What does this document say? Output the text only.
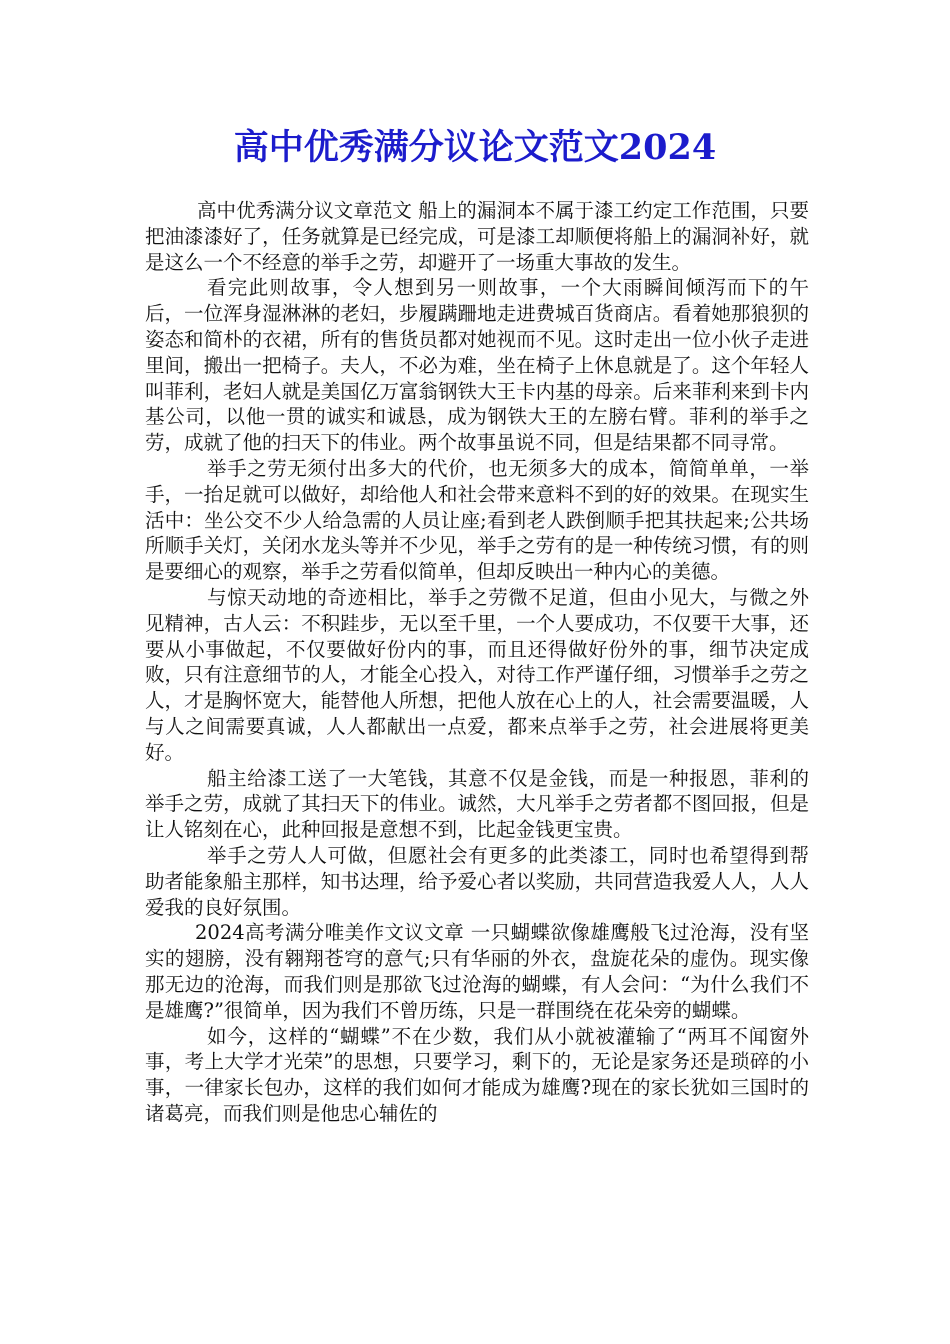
高中优秀满分议论文范文2024

高中优秀满分议文章范文 船上的漏洞本不属于漆工约定工作范围，只要把油漆漆好了，任务就算是已经完成，可是漆工却顺便将船上的漏洞补好，就是这么一个不经意的举手之劳，却避开了一场重大事故的发生。

看完此则故事，令人想到另一则故事，一个大雨瞬间倾泻而下的午后，一位浑身湿淋淋的老妇，步履蹒跚地走进费城百货商店。看着她那狼狈的姿态和简朴的衣裙，所有的售货员都对她视而不见。这时走出一位小伙子走进里间，搬出一把椅子。夫人，不必为难，坐在椅子上休息就是了。这个年轻人叫菲利，老妇人就是美国亿万富翁钢铁大王卡内基的母亲。后来菲利来到卡内基公司，以他一贯的诚实和诚恳，成为钢铁大王的左膀右臂。菲利的举手之劳，成就了他的扫天下的伟业。两个故事虽说不同，但是结果都不同寻常。

举手之劳无须付出多大的代价，也无须多大的成本，简简单单，一举手，一抬足就可以做好，却给他人和社会带来意料不到的好的效果。在现实生活中：坐公交不少人给急需的人员让座;看到老人跌倒顺手把其扶起来;公共场所顺手关灯，关闭水龙头等并不少见，举手之劳有的是一种传统习惯，有的则是要细心的观察，举手之劳看似简单，但却反映出一种内心的美德。

与惊天动地的奇迹相比，举手之劳微不足道，但由小见大，与微之外见精神，古人云：不积跬步，无以至千里，一个人要成功，不仅要干大事，还要从小事做起，不仅要做好份内的事，而且还得做好份外的事，细节决定成败，只有注意细节的人，才能全心投入，对待工作严谨仔细，习惯举手之劳之人，才是胸怀宽大，能替他人所想，把他人放在心上的人，社会需要温暖，人与人之间需要真诚，人人都献出一点爱，都来点举手之劳，社会进展将更美好。

船主给漆工送了一大笔钱，其意不仅是金钱，而是一种报恩，菲利的举手之劳，成就了其扫天下的伟业。诚然，大凡举手之劳者都不图回报，但是让人铭刻在心，此种回报是意想不到，比起金钱更宝贵。

举手之劳人人可做，但愿社会有更多的此类漆工，同时也希望得到帮助者能象船主那样，知书达理，给予爱心者以奖励，共同营造我爱人人，人人爱我的良好氛围。

2024高考满分唯美作文议文章 一只蝴蝶欲像雄鹰般飞过沧海，没有坚实的翅膀，没有翱翔苍穹的意气;只有华丽的外衣，盘旋花朵的虚伪。现实像那无边的沧海，而我们则是那欲飞过沧海的蝴蝶，有人会问：“为什么我们不是雄鹰?”很简单，因为我们不曾历练，只是一群围绕在花朵旁的蝴蝶。

如今，这样的“蝴蝶”不在少数，我们从小就被灌输了“两耳不闻窗外事，考上大学才光荣”的思想，只要学习，剩下的，无论是家务还是琐碎的小事，一律家长包办，这样的我们如何才能成为雄鹰?现在的家长犹如三国时的诸葛亮，而我们则是他忠心辅佐的
